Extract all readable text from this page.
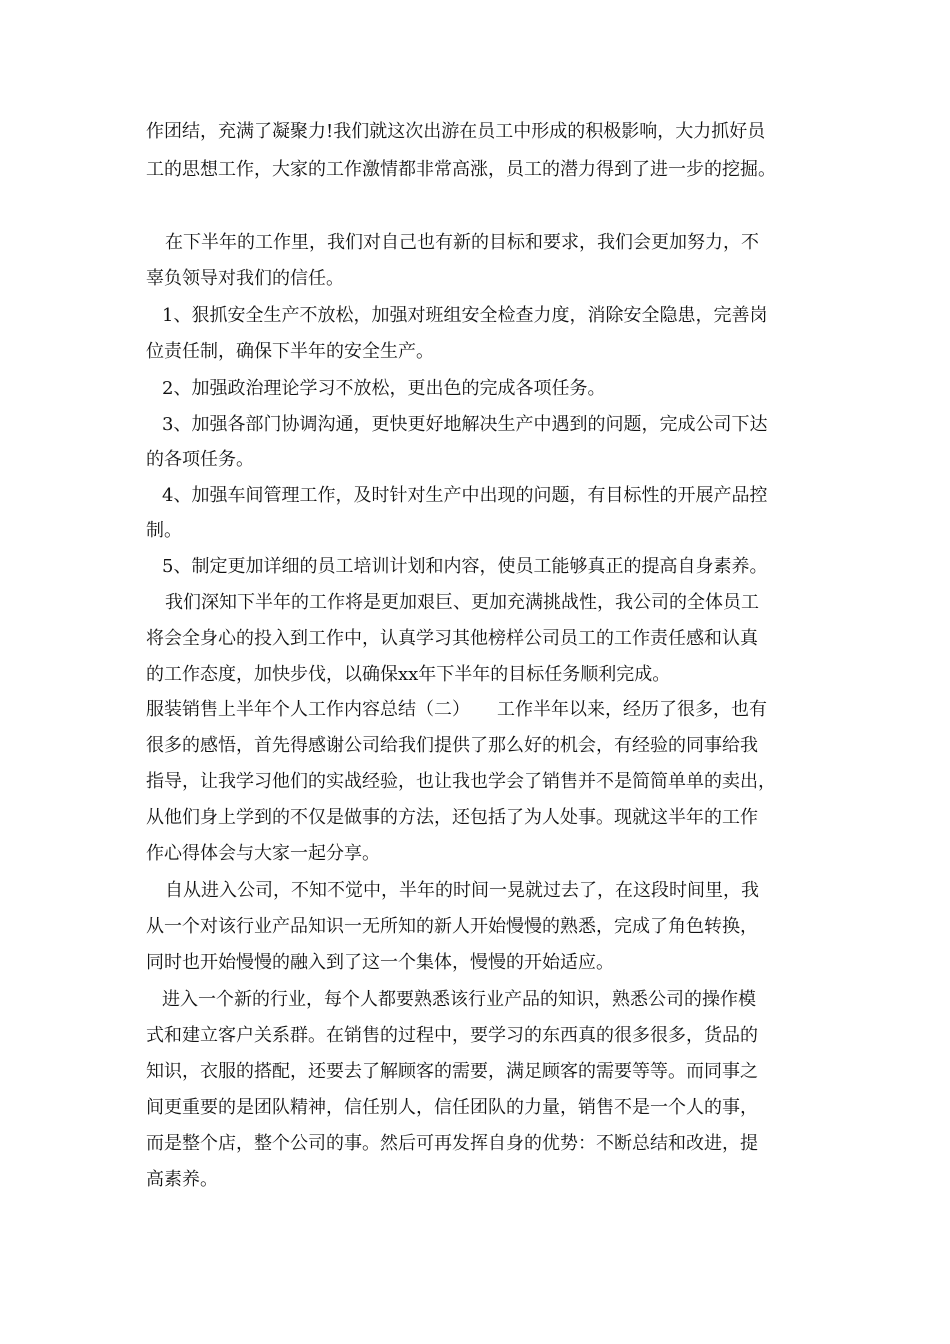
作团结，充满了凝聚力!我们就这次出游在员工中形成的积极影响，大力抓好员
工的思想工作，大家的工作激情都非常高涨，员工的潜力得到了进一步的挖掘。
在下半年的工作里，我们对自己也有新的目标和要求，我们会更加努力，不
辜负领导对我们的信任。
1、狠抓安全生产不放松，加强对班组安全检查力度，消除安全隐患，完善岗
位责任制，确保下半年的安全生产。
2、加强政治理论学习不放松，更出色的完成各项任务。
3、加强各部门协调沟通，更快更好地解决生产中遇到的问题，完成公司下达
的各项任务。
4、加强车间管理工作，及时针对生产中出现的问题，有目标性的开展产品控
制。
5、制定更加详细的员工培训计划和内容，使员工能够真正的提高自身素养。
我们深知下半年的工作将是更加艰巨、更加充满挑战性，我公司的全体员工
将会全身心的投入到工作中，认真学习其他榜样公司员工的工作责任感和认真
的工作态度，加快步伐，以确保xx年下半年的目标任务顺利完成。
服装销售上半年个人工作内容总结（二）　　工作半年以来，经历了很多，也有
很多的感悟，首先得感谢公司给我们提供了那么好的机会，有经验的同事给我
指导，让我学习他们的实战经验，也让我也学会了销售并不是简简单单的卖出，
从他们身上学到的不仅是做事的方法，还包括了为人处事。现就这半年的工作
作心得体会与大家一起分享。
自从进入公司，不知不觉中，半年的时间一晃就过去了，在这段时间里，我
从一个对该行业产品知识一无所知的新人开始慢慢的熟悉，完成了角色转换，
同时也开始慢慢的融入到了这一个集体，慢慢的开始适应。
进入一个新的行业，每个人都要熟悉该行业产品的知识，熟悉公司的操作模
式和建立客户关系群。在销售的过程中，要学习的东西真的很多很多，货品的
知识，衣服的搭配，还要去了解顾客的需要，满足顾客的需要等等。而同事之
间更重要的是团队精神，信任别人，信任团队的力量，销售不是一个人的事，
而是整个店，整个公司的事。然后可再发挥自身的优势：不断总结和改进，提
高素养。
